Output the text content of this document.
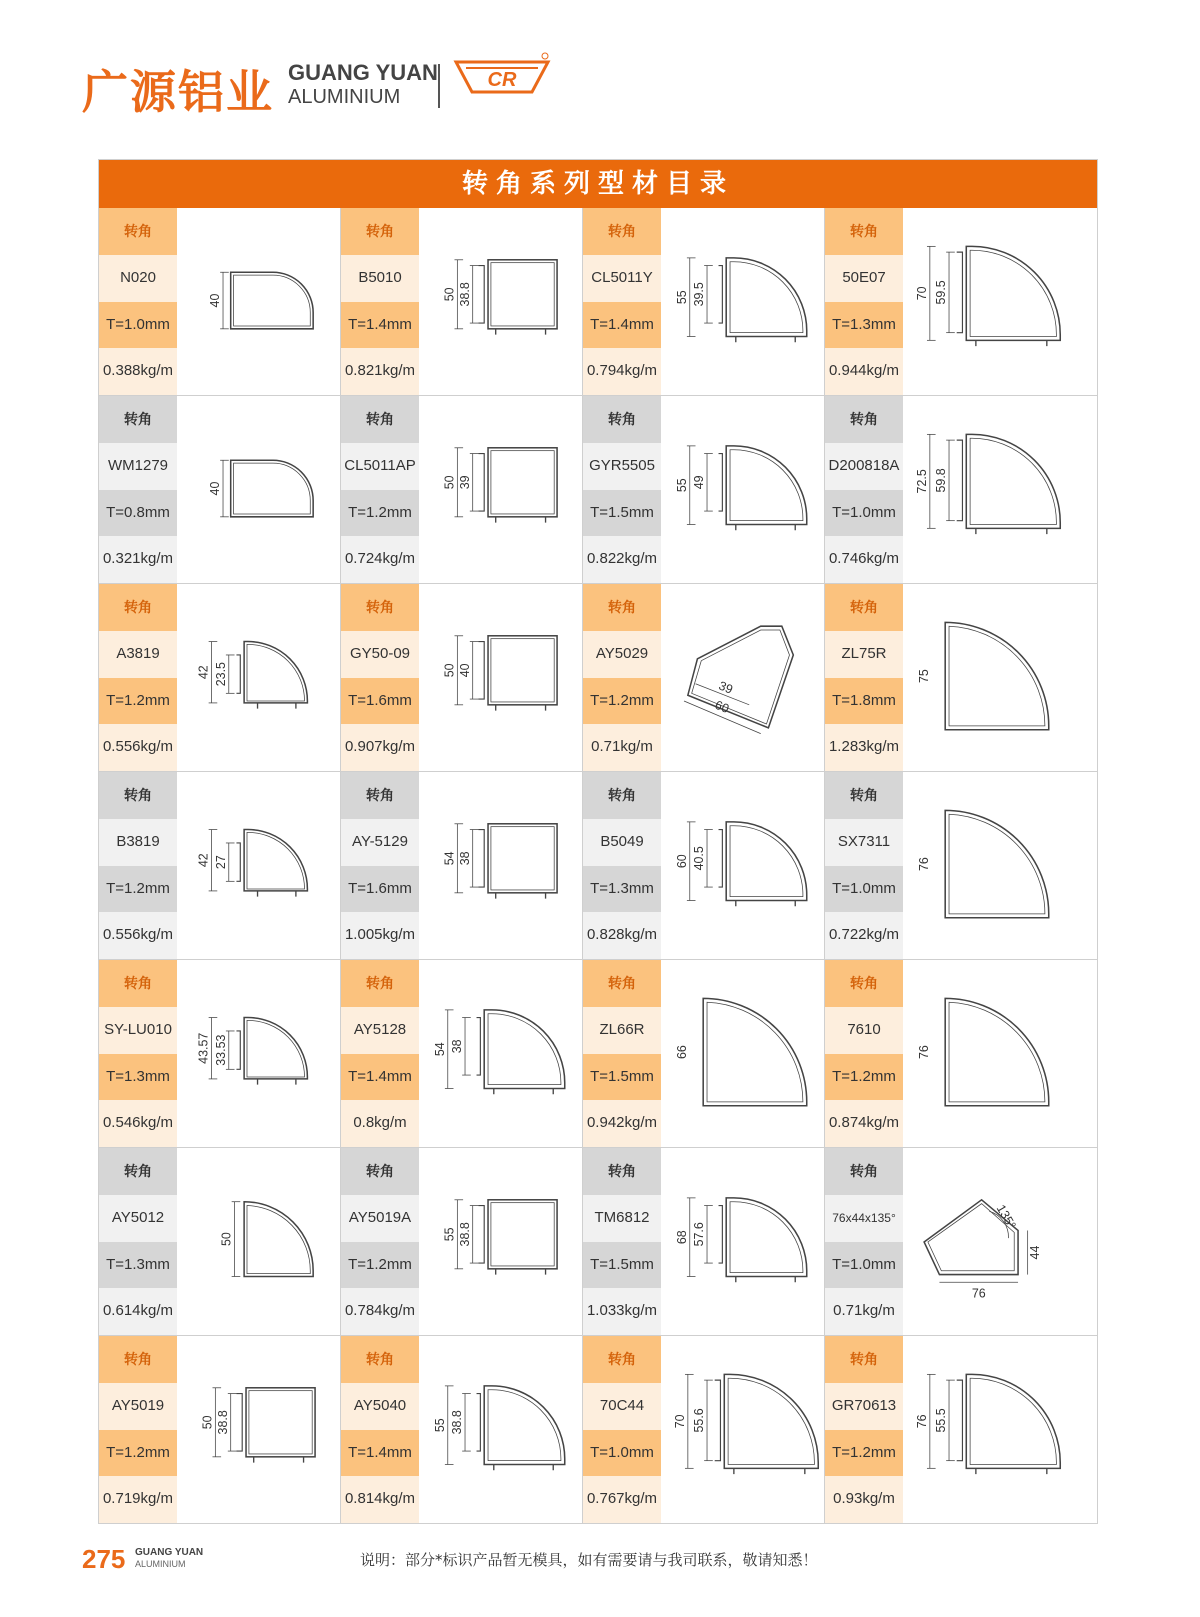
广源铝业 GUANG YUAN
ALUMINIUM
CR
转角系列型材目录
转角
N020
T=1.0mm
0.388kg/m
40
转角
B5010
T=1.4mm
0.821kg/m
50 38.8
转角
CL5011Y
T=1.4mm
0.794kg/m
55 39.5
转角
50E07
T=1.3mm
0.944kg/m
70 59.5
转角
WM1279
T=0.8mm
0.321kg/m
40
转角
CL5011AP
T=1.2mm
0.724kg/m
50 39
转角
GYR5505
T=1.5mm
0.822kg/m
55 49
转角
D200818A
T=1.0mm
0.746kg/m
72.5 59.8
转角
A3819
T=1.2mm
0.556kg/m
42 23.5
转角
GY50-09
T=1.6mm
0.907kg/m
50 40
转角
AY5029
T=1.2mm
0.71kg/m
39
60
转角
ZL75R
T=1.8mm
1.283kg/m
75
转角
B3819
T=1.2mm
0.556kg/m
42 27
转角
AY-5129
T=1.6mm
1.005kg/m
54 38
转角
B5049
T=1.3mm
0.828kg/m
60 40.5
转角
SX7311
T=1.0mm
0.722kg/m
76
转角
SY-LU010
T=1.3mm
0.546kg/m
43.57 33.53
转角
AY5128
T=1.4mm
0.8kg/m
54 38
转角
ZL66R
T=1.5mm
0.942kg/m
66
转角
7610
T=1.2mm
0.874kg/m
76
转角
AY5012
T=1.3mm
0.614kg/m
50
转角
AY5019A
T=1.2mm
0.784kg/m
55 38.8
转角
TM6812
T=1.5mm
1.033kg/m
68 57.6
转角
76x44x135°
T=1.0mm
0.71kg/m
135°
44
76
转角
AY5019
T=1.2mm
0.719kg/m
50 38.8
转角
AY5040
T=1.4mm
0.814kg/m
55 38.8
转角
70C44
T=1.0mm
0.767kg/m
70 55.6
转角
GR70613
T=1.2mm
0.93kg/m
76 55.5
275 GUANG YUAN
ALUMINIUM	说明：部分*标识产品暂无模具，如有需要请与我司联系，敬请知悉！
